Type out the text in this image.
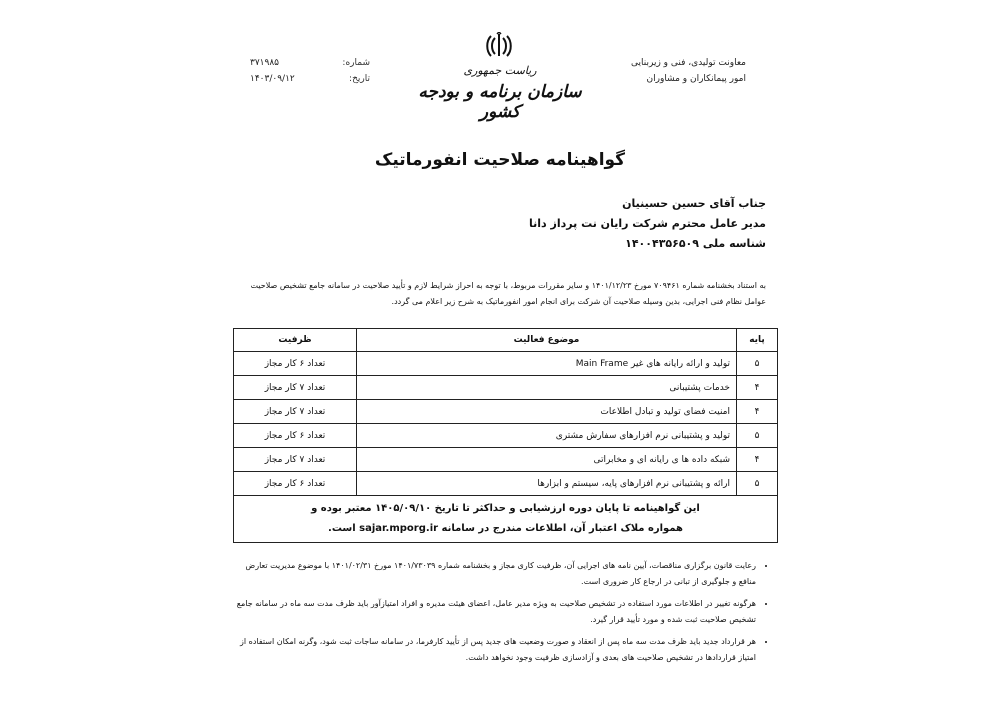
شماره:
۳۷۱۹۸۵
تاریخ:
۱۴۰۳/۰۹/۱۲
ریاست جمهوری
سازمان برنامه و بودجه کشور
معاونت تولیدی، فنی و زیربنایی
امور پیمانکاران و مشاوران
گواهینامه صلاحیت انفورماتیک
جناب آقای حسین حسینیان
مدیر عامل محترم شرکت رایان نت پرداز دانا
شناسه ملی ۱۴۰۰۴۳۵۶۵۰۹
به استناد بخشنامه شماره ۷۰۹۴۶۱ مورخ ۱۴۰۱/۱۲/۲۳ و سایر مقررات مربوط، با توجه به احراز شرایط لازم و تأیید صلاحیت در سامانه جامع تشخیص صلاحیت عوامل نظام فنی اجرایی، بدین وسیله صلاحیت آن شرکت برای انجام امور انفورماتیک به شرح زیر اعلام می گردد.
پایه	موضوع فعالیت	ظرفیت
۵	تولید و ارائه رایانه های غیر Main Frame	تعداد ۶ کار مجاز
۴	خدمات پشتیبانی	تعداد ۷ کار مجاز
۴	امنیت فضای تولید و تبادل اطلاعات	تعداد ۷ کار مجاز
۵	تولید و پشتیبانی نرم افزارهای سفارش مشتری	تعداد ۶ کار مجاز
۴	شبکه داده ها ی رایانه ای و مخابراتی	تعداد ۷ کار مجاز
۵	ارائه و پشتیبانی نرم افزارهای پایه، سیستم و ابزارها	تعداد ۶ کار مجاز

این گواهینامه تا پایان دوره ارزشیابی و حداکثر تا تاریخ ۱۴۰۵/۰۹/۱۰ معتبر بوده و
همواره ملاک اعتبار آن، اطلاعات مندرج در سامانه sajar.mporg.ir است.		
• رعایت قانون برگزاری مناقصات، آیین نامه های اجرایی آن، ظرفیت کاری مجاز و بخشنامه شماره ۱۴۰۱/۷۳۰۳۹ مورخ ۱۴۰۱/۰۲/۳۱ با موضوع مدیریت تعارض منافع و جلوگیری از تبانی در ارجاع کار ضروری است.
• هرگونه تغییر در اطلاعات مورد استفاده در تشخیص صلاحیت به ویژه مدیر عامل، اعضای هیئت مدیره و افراد امتیازآور باید ظرف مدت سه ماه در سامانه جامع تشخیص صلاحیت ثبت شده و مورد تأیید قرار گیرد.
• هر قرارداد جدید باید ظرف مدت سه ماه پس از انعقاد و صورت وضعیت های جدید پس از تأیید کارفرما، در سامانه ساجات ثبت شود، وگرنه امکان استفاده از امتیاز قراردادها در تشخیص صلاحیت های بعدی و آزادسازی ظرفیت وجود نخواهد داشت.
